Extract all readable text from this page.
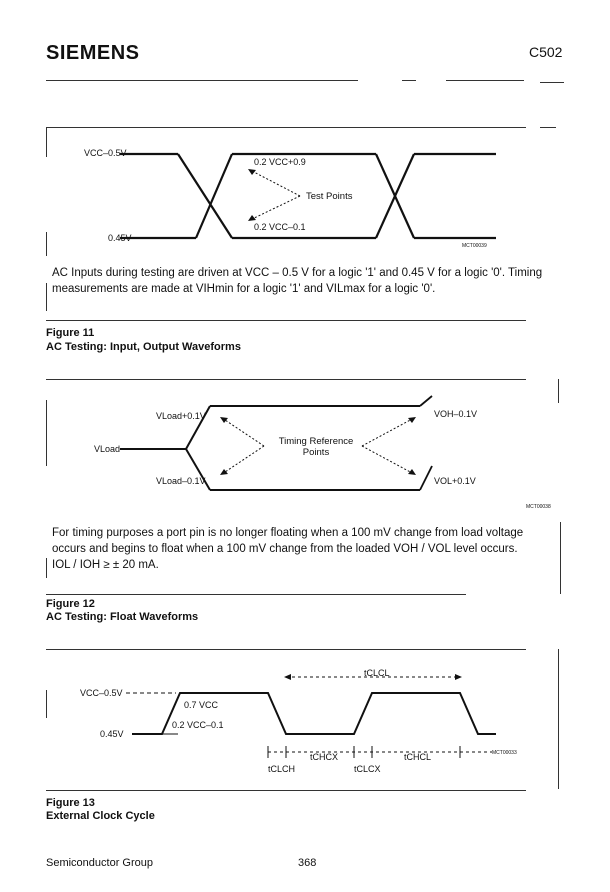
SIEMENS	C502
VCC–0.5V
0.45V
0.2 VCC+0.9
0.2 VCC–0.1
Test Points
MCT00039
AC Inputs during testing are driven at VCC – 0.5 V for a logic '1' and 0.45 V for a logic '0'. Timing
measurements are made at VIHmin for a logic '1' and VILmax for a logic '0'.
Figure 11
AC Testing: Input, Output Waveforms
VLoad
VLoad+0.1V
VLoad–0.1V
VOH–0.1V
VOL+0.1V
Timing Reference
Points
MCT00038
For timing purposes a port pin is no longer floating when a 100 mV change from load voltage
occurs and begins to float when a 100 mV change from the loaded VOH / VOL level occurs.
IOL / IOH ≥ ± 20 mA.
Figure 12
AC Testing: Float Waveforms
VCC–0.5V
0.45V
0.7 VCC
0.2 VCC–0.1
tCLCL
tCHCX	tCHCL
tCLCH	tCLCX
MCT00033
Figure 13
External Clock Cycle
Semiconductor Group	368
